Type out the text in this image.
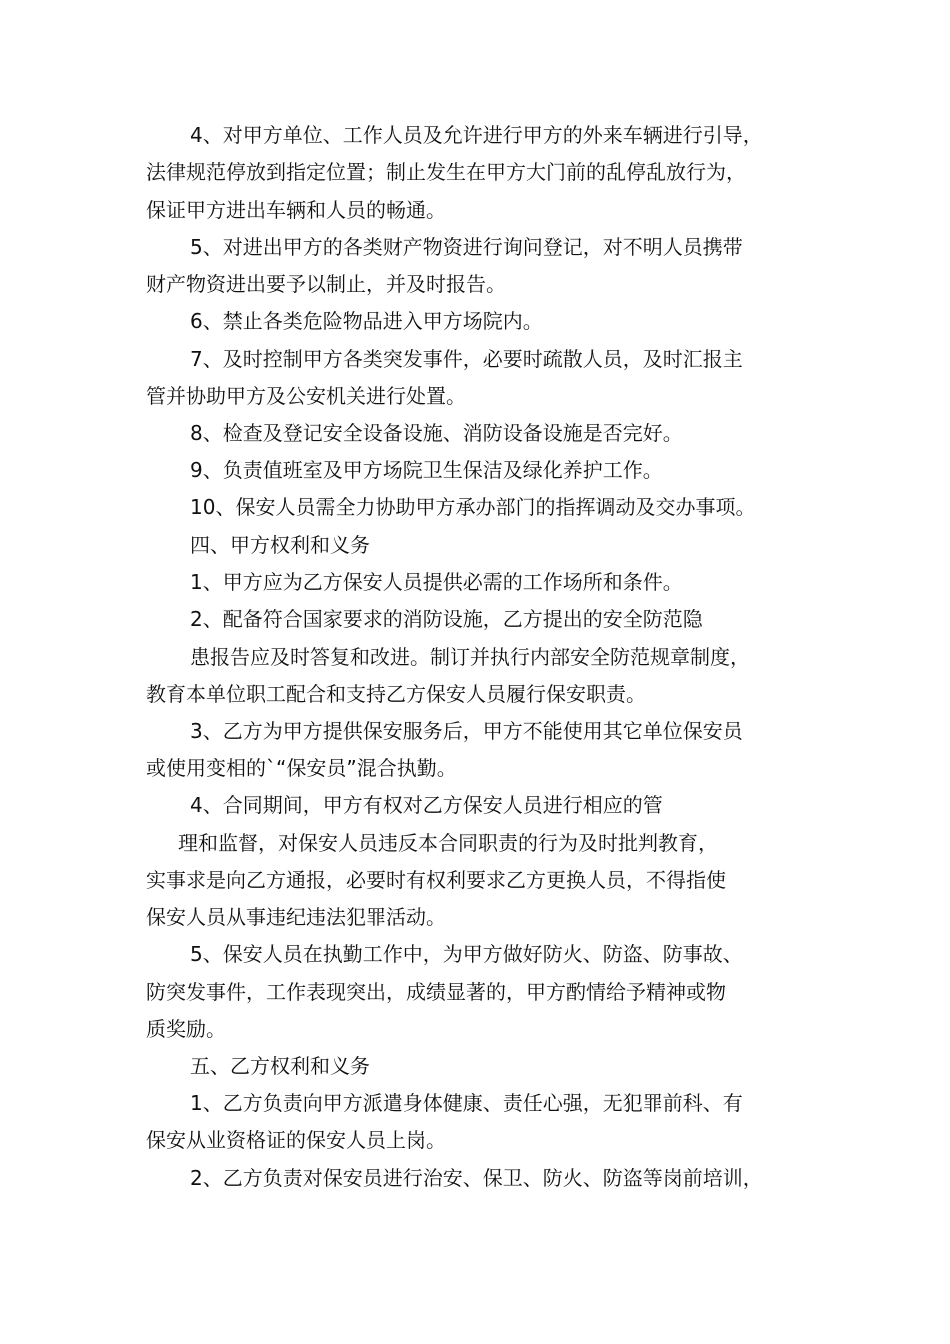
4、对甲方单位、工作人员及允许进行甲方的外来车辆进行引导，
法律规范停放到指定位置；制止发生在甲方大门前的乱停乱放行为，
保证甲方进出车辆和人员的畅通。
5、对进出甲方的各类财产物资进行询问登记，对不明人员携带
财产物资进出要予以制止，并及时报告。
6、禁止各类危险物品进入甲方场院内。
7、及时控制甲方各类突发事件，必要时疏散人员，及时汇报主
管并协助甲方及公安机关进行处置。
8、检查及登记安全设备设施、消防设备设施是否完好。
9、负责值班室及甲方场院卫生保洁及绿化养护工作。
10、保安人员需全力协助甲方承办部门的指挥调动及交办事项。
四、甲方权利和义务
1、甲方应为乙方保安人员提供必需的工作场所和条件。
2、配备符合国家要求的消防设施，乙方提出的安全防范隐
患报告应及时答复和改进。制订并执行内部安全防范规章制度，
教育本单位职工配合和支持乙方保安人员履行保安职责。
3、乙方为甲方提供保安服务后，甲方不能使用其它单位保安员
或使用变相的`“保安员”混合执勤。
4、合同期间，甲方有权对乙方保安人员进行相应的管
理和监督，对保安人员违反本合同职责的行为及时批判教育，
实事求是向乙方通报，必要时有权利要求乙方更换人员，不得指使
保安人员从事违纪违法犯罪活动。
5、保安人员在执勤工作中，为甲方做好防火、防盗、防事故、
防突发事件，工作表现突出，成绩显著的，甲方酌情给予精神或物
质奖励。
五、乙方权利和义务
1、乙方负责向甲方派遣身体健康、责任心强，无犯罪前科、有
保安从业资格证的保安人员上岗。
2、乙方负责对保安员进行治安、保卫、防火、防盗等岗前培训，
